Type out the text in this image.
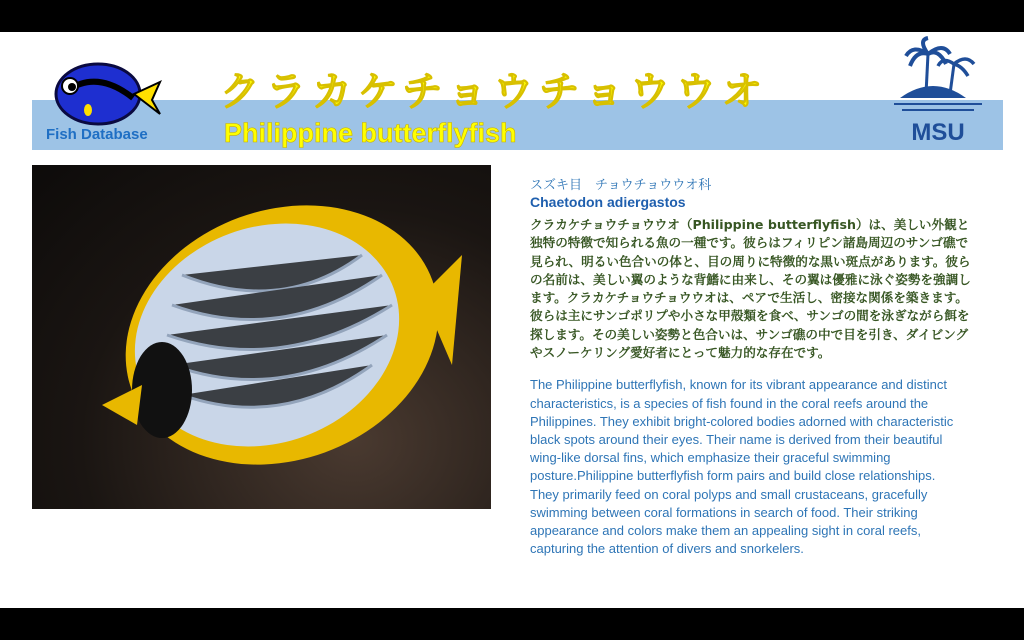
Fish Database
クラカケチョウチョウウオ
Philippine butterflyfish	MSU
スズキ目　チョウチョウウオ科
Chaetodon adiergastos
クラカケチョウチョウウオ（Philippine butterflyfish）は、美しい外観と独特の特徴で知られる魚の一種です。彼らはフィリピン諸島周辺のサンゴ礁で見られ、明るい色合いの体と、目の周りに特徴的な黒い斑点があります。彼らの名前は、美しい翼のような背鰭に由来し、その翼は優雅に泳ぐ姿勢を強調します。クラカケチョウチョウウオは、ペアで生活し、密接な関係を築きます。彼らは主にサンゴポリプや小さな甲殻類を食べ、サンゴの間を泳ぎながら餌を探します。その美しい姿勢と色合いは、サンゴ礁の中で目を引き、ダイビングやスノーケリング愛好者にとって魅力的な存在です。
The Philippine butterflyfish, known for its vibrant appearance and distinct characteristics, is a species of fish found in the coral reefs around the Philippines. They exhibit bright-colored bodies adorned with characteristic black spots around their eyes. Their name is derived from their beautiful wing-like dorsal fins, which emphasize their graceful swimming posture.Philippine butterflyfish form pairs and build close relationships. They primarily feed on coral polyps and small crustaceans, gracefully swimming between coral formations in search of food. Their striking appearance and colors make them an appealing sight in coral reefs, capturing the attention of divers and snorkelers.
